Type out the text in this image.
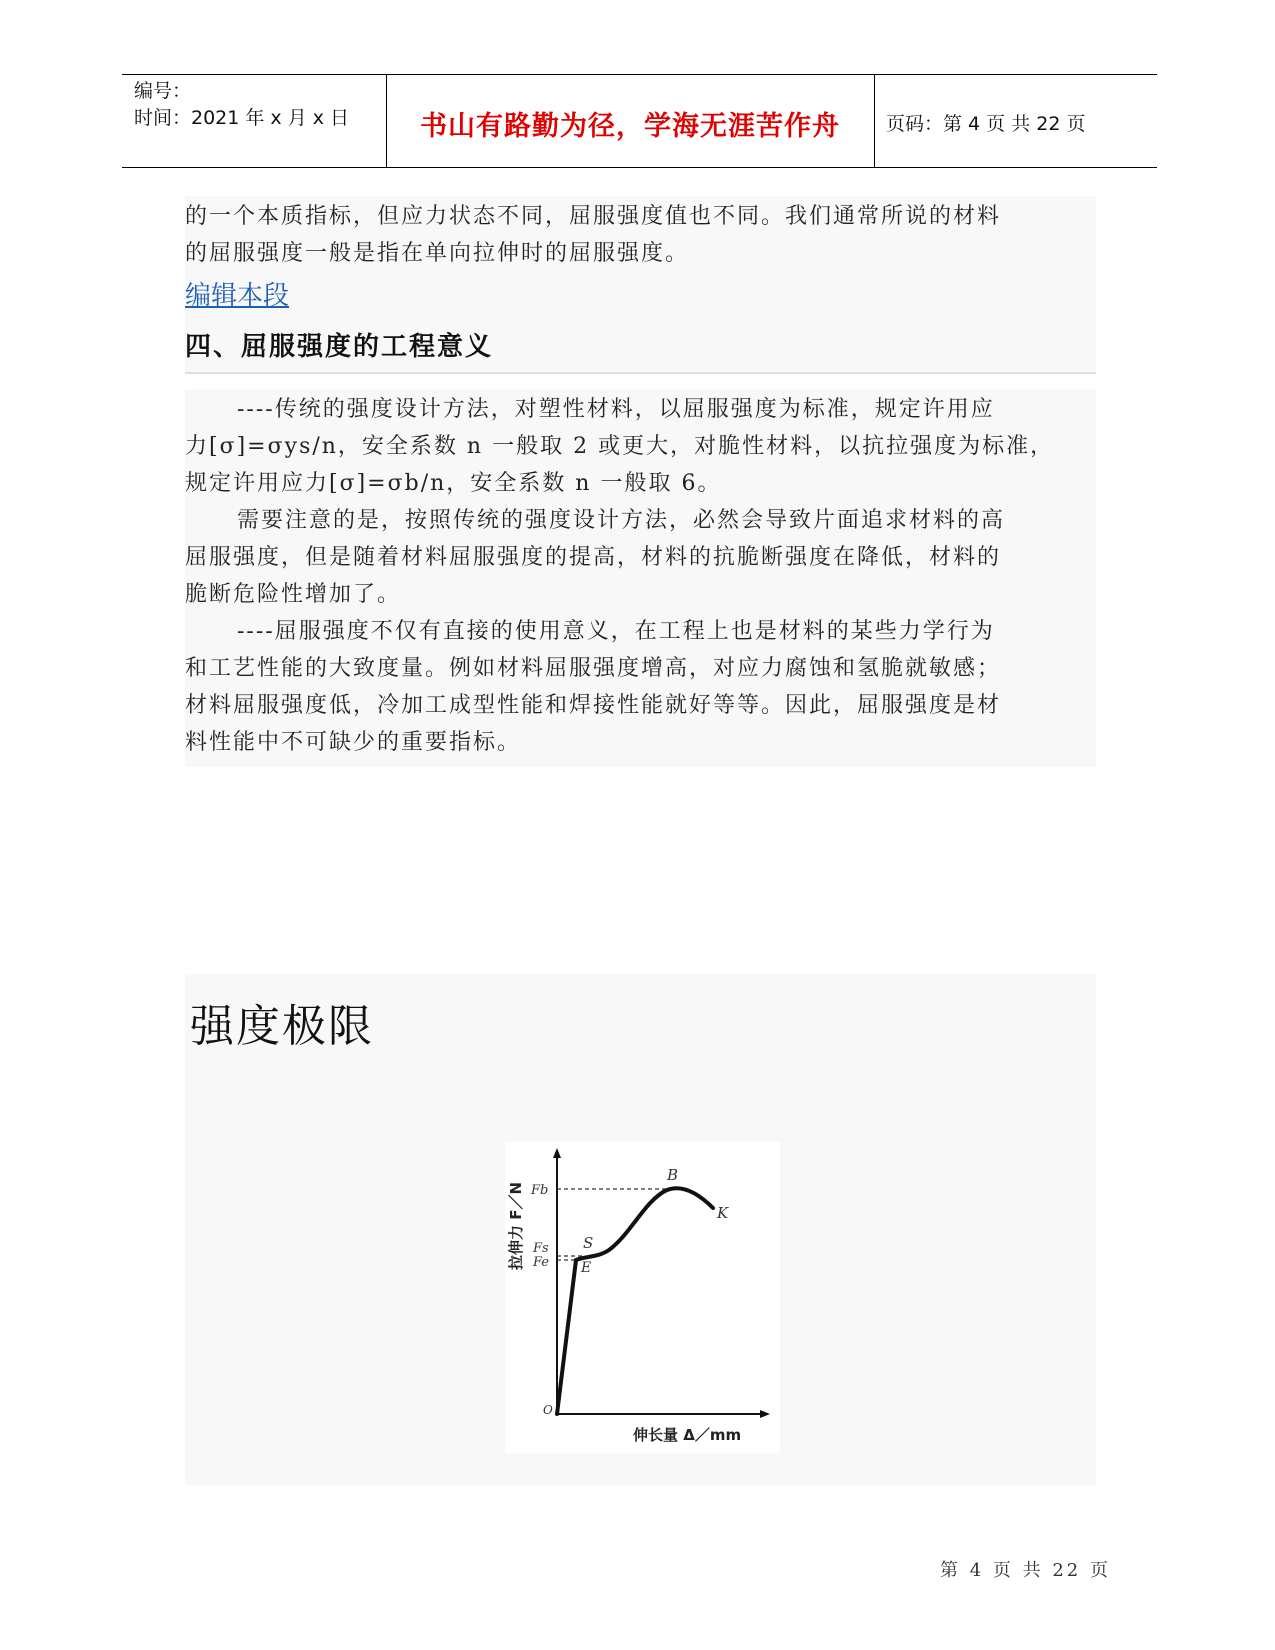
编号：
时间：2021 年 x 月 x 日	书山有路勤为径，学海无涯苦作舟	页码：第 4 页 共 22 页

的一个本质指标，但应力状态不同，屈服强度值也不同。我们通常所说的材料

的屈服强度一般是指在单向拉伸时的屈服强度。

编辑本段
四、屈服强度的工程意义

----传统的强度设计方法，对塑性材料，以屈服强度为标准，规定许用应

力[σ]=σys/n，安全系数 n 一般取 2 或更大，对脆性材料，以抗拉强度为标准，

规定许用应力[σ]=σb/n，安全系数 n 一般取 6。

需要注意的是，按照传统的强度设计方法，必然会导致片面追求材料的高

屈服强度，但是随着材料屈服强度的提高，材料的抗脆断强度在降低，材料的

脆断危险性增加了。

----屈服强度不仅有直接的使用意义，在工程上也是材料的某些力学行为

和工艺性能的大致度量。例如材料屈服强度增高，对应力腐蚀和氢脆就敏感；

材料屈服强度低，冷加工成型性能和焊接性能就好等等。因此，屈服强度是材

料性能中不可缺少的重要指标。

强度极限
Fb
Fs
Fe
B
S
E
K
O
伸长量 Δ／mm
拉伸力 F／N
第 4 页 共 22 页
